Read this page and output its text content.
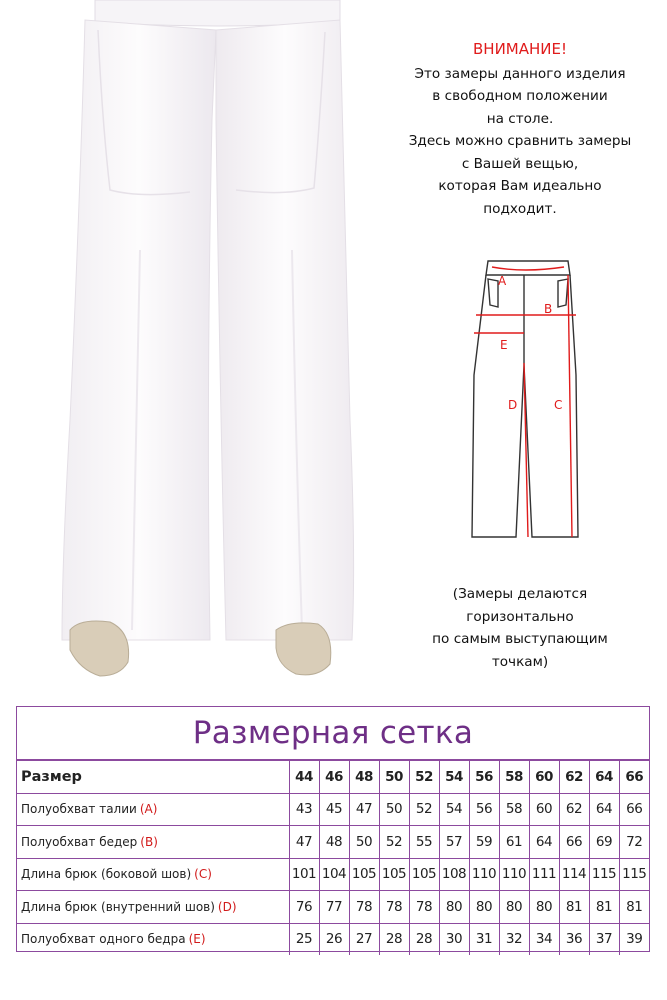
ВНИМАНИЕ!
Это замеры данного изделия
в свободном положении
на столе.
Здесь можно сравнить замеры
с Вашей вещью,
которая Вам идеально
подходит.
A
B
E
D	C
(Замеры делаются
горизонтально
по самым выступающим
точкам)
Размерная сетка
Размер	44	46	48	50	52	54	56	58	60	62	64	66
Полуобхват талии (A)	43	45	47	50	52	54	56	58	60	62	64	66
Полуобхват бедер (B)	47	48	50	52	55	57	59	61	64	66	69	72
Длина брюк (боковой шов) (C)	101	104	105	105	105	108	110	110	111	114	115	115
Длина брюк (внутренний шов) (D)	76	77	78	78	78	80	80	80	80	81	81	81
Полуобхват одного бедра (E)	25	26	27	28	28	30	31	32	34	36	37	39
